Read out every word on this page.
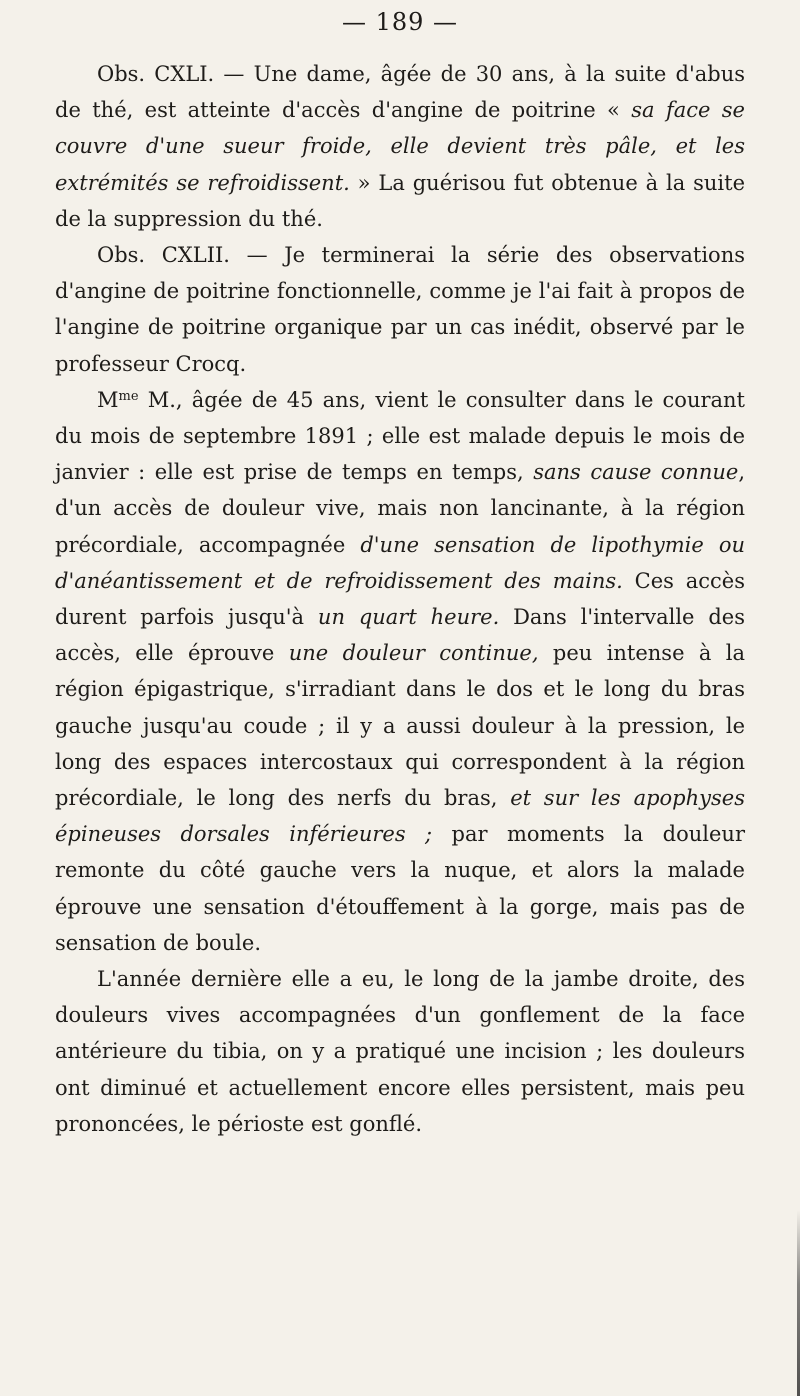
— 189 —

Obs. CXLI. — Une dame, âgée de 30 ans, à la suite d'abus de thé, est atteinte d'accès d'angine de poitrine « sa face se couvre d'une sueur froide, elle devient très pâle, et les extrémités se refroidissent. » La guérisou fut obtenue à la suite de la suppression du thé.

Obs. CXLII. — Je terminerai la série des observations d'angine de poitrine fonctionnelle, comme je l'ai fait à propos de l'angine de poitrine organique par un cas inédit, observé par le professeur Crocq.

$M^{me}$ M., âgée de 45 ans, vient le consulter dans le courant du mois de septembre 1891 ; elle est malade depuis le mois de janvier : elle est prise de temps en temps, sans cause connue, d'un accès de douleur vive, mais non lancinante, à la région précordiale, accompagnée d'une sensation de lipothymie ou d'anéantissement et de refroidissement des mains. Ces accès durent parfois jusqu'à un quart heure. Dans l'intervalle des accès, elle éprouve une douleur continue, peu intense à la région épigastrique, s'irradiant dans le dos et le long du bras gauche jusqu'au coude ; il y a aussi douleur à la pression, le long des espaces intercostaux qui correspondent à la région précordiale, le long des nerfs du bras, et sur les apophyses épineuses dorsales inférieures ; par moments la douleur remonte du côté gauche vers la nuque, et alors la malade éprouve une sensation d'étouffement à la gorge, mais pas de sensation de boule.

L'année dernière elle a eu, le long de la jambe droite, des douleurs vives accompagnées d'un gonflement de la face antérieure du tibia, on y a pratiqué une incision ; les douleurs ont diminué et actuellement encore elles persistent, mais peu prononcées, le périoste est gonflé.
